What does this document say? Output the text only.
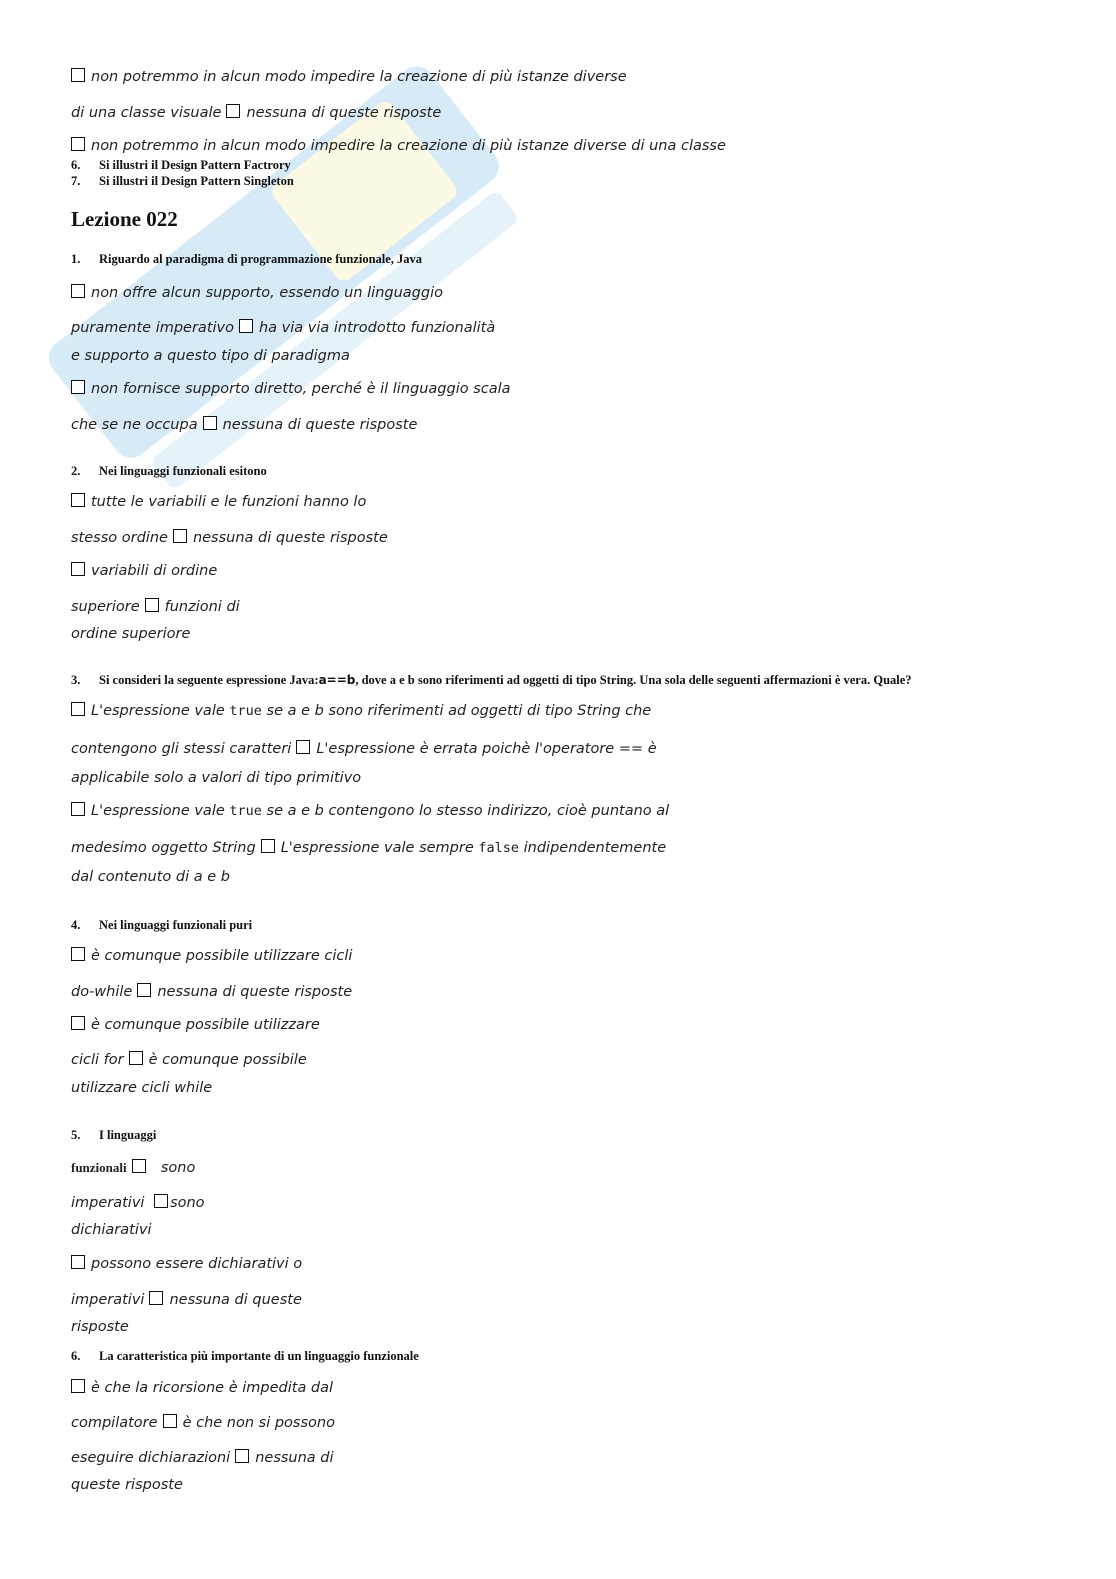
non potremmo in alcun modo impedire la creazione di più istanze diverse
di una classe visuale nessuna di queste risposte
non potremmo in alcun modo impedire la creazione di più istanze diverse di una classe
6. Si illustri il Design Pattern Factrory
7. Si illustri il Design Pattern Singleton
Lezione 022
1. Riguardo al paradigma di programmazione funzionale, Java
non offre alcun supporto, essendo un linguaggio
puramente imperativo ha via via introdotto funzionalità
e supporto a questo tipo di paradigma
non fornisce supporto diretto, perché è il linguaggio scala
che se ne occupa nessuna di queste risposte
2. Nei linguaggi funzionali esitono
tutte le variabili e le funzioni hanno lo
stesso ordine nessuna di queste risposte
variabili di ordine
superiore funzioni di
ordine superiore
3. Si consideri la seguente espressione Java:a==b, dove a e b sono riferimenti ad oggetti di tipo String. Una sola delle seguenti affermazioni è vera. Quale?
L'espressione vale true se a e b sono riferimenti ad oggetti di tipo String che
contengono gli stessi caratteri L'espressione è errata poichè l'operatore == è
applicabile solo a valori di tipo primitivo
L'espressione vale true se a e b contengono lo stesso indirizzo, cioè puntano al
medesimo oggetto String L'espressione vale sempre false indipendentemente
dal contenuto di a e b
4. Nei linguaggi funzionali puri
è comunque possibile utilizzare cicli
do-while nessuna di queste risposte
è comunque possibile utilizzare
cicli for è comunque possibile
utilizzare cicli while
5. I linguaggi
funzionali sono
imperativi sono
dichiarativi
possono essere dichiarativi o
imperativi nessuna di queste
risposte
6. La caratteristica più importante di un linguaggio funzionale
è che la ricorsione è impedita dal
compilatore è che non si possono
eseguire dichiarazioni nessuna di
queste risposte
